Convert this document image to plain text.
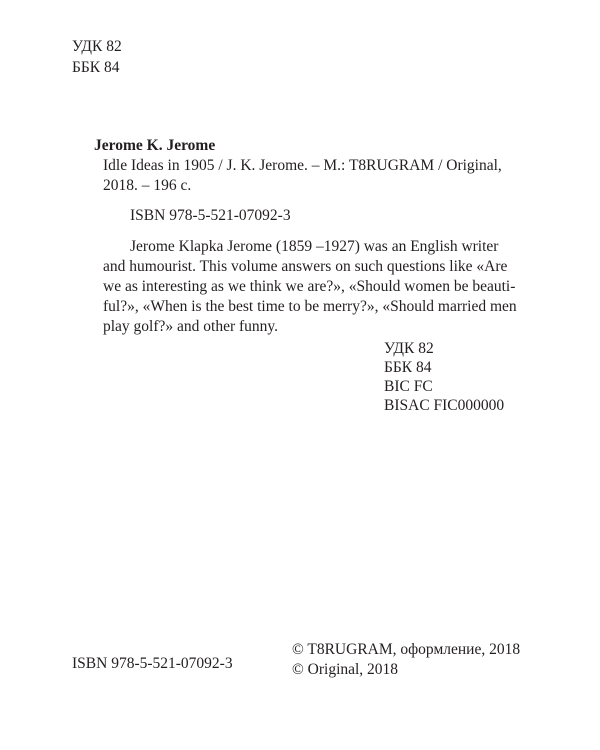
УДК 82
ББК 84
Jerome K. Jerome
Idle Ideas in 1905 / J. K. Jerome. – M.: T8RUGRAM / Original,
2018. – 196 с.
ISBN 978-5-521-07092-3
Jerome Klapka Jerome (1859 –1927) was an English writer
and humourist. This volume answers on such questions like «Are
we as interesting as we think we are?», «Should women be beauti-
ful?», «When is the best time to be merry?», «Should married men
play golf?» and other funny.
УДК 82
ББК 84
BIC FC
BISAC FIC000000
ISBN 978-5-521-07092-3
© T8RUGRAM, оформление, 2018
© Original, 2018
